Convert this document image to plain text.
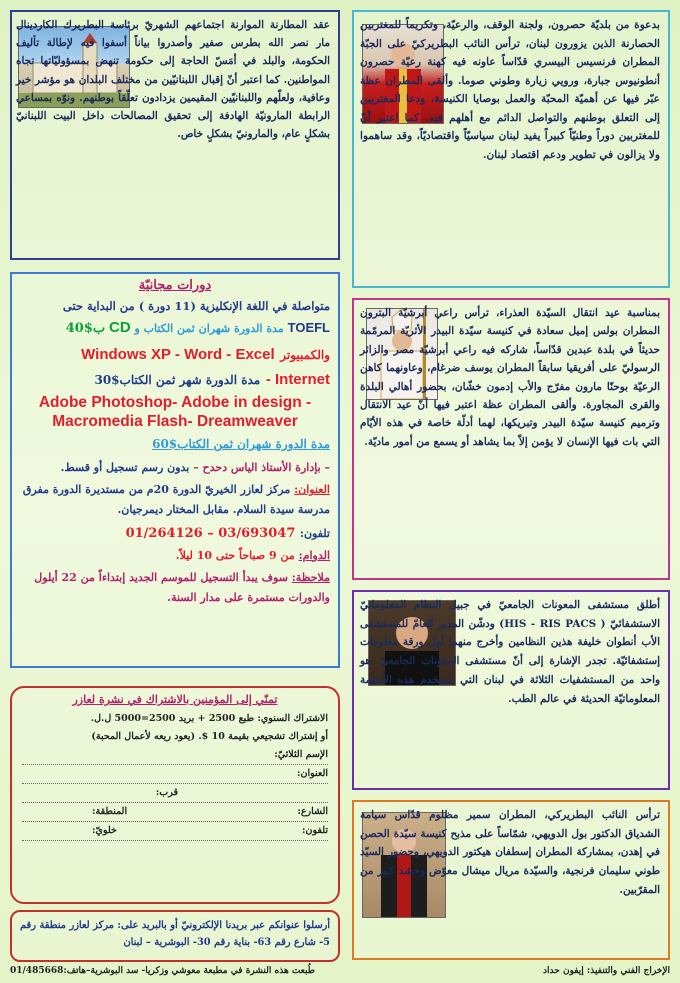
بدعوة من بلديّة حصرون، ولجنة الوقف، والرعيّة، وتكريماً للمغتربين الحصارنة الذين يزورون لبنان، ترأس النائب البطريركيّ على الجبّة المطران فرنسيس البيسري قدّاساً عاونه فيه كهنة رعيّة حصرون أنطونيوس جبارة، ورويي زيارة وطوني صوما. وألقى المطران عظة عبّر فيها عن أهميّة المحبّة والعمل بوصايا الكنيسة، ودعا المغتربين إلى التعلق بوطنهم والتواصل الدائم مع أهلهم فيه. كما اعتبر أنّ للمغتربين دوراً وطنيّاً كبيراً يفيد لبنان سياسيّاً واقتصاديّاً، وقد ساهموا ولا يزالون في تطوير ودعم اقتصاد لبنان.
عقد المطارنة الموارنة اجتماعهم الشهريّ برئاسة البطريرك الكاردينال مار نصر الله بطرس صفير وأصدروا بياناً أسفوا فيه لإطالة تأليف الحكومة، والبلد في أمَسّ الحاجة إلى حكومة تنهض بمسؤوليّاتها تجاه المواطنين. كما اعتبر أنّ إقبال اللبنانيّين من مختلف البلدان هو مؤشر خير وعافية، ولعلّهم واللبنانيّين المقيمين يزدادون تعلّقاً بوطنهم. ونوّه بمساعي الرابطة المارونيّة الهادفة إلى تحقيق المصالحات داخل البيت اللبنانيّ بشكلٍ عام، والمارونيّ بشكلٍ خاص.
دورات مجانيّة
متواصلة في اللغة الإنكليزية (11 دورة ) من البداية حتى
TOEFL مدة الدورة شهران ثمن الكتاب و CD ب$40
والكمبيوتر Windows XP - Word - Excel
Internet - مدة الدورة شهر ثمن الكتاب$30
Adobe Photoshop- Adobe in design - Macromedia Flash- Dreamweaver
مدة الدورة شهران ثمن الكتاب$60
– بإدارة الأستاذ الياس دحدح – بدون رسم تسجيل أو قسط.
العنوان: مركز لعازر الخيريّ الدورة 20م من مستديرة الدورة مفرق مدرسة سيدة السلام. مقابل المختار ديمرجيان.
تلفون: 01/264126 – 03/693047
الدوام: من 9 صباحاً حتى 10 ليلاً.
ملاحظة: سوف يبدأ التسجيل للموسم الجديد إبتداءاً من 22 أيلول والدورات مستمرة على مدار السنة.
تمنّي إلى المؤمنين بالاشتراك في نشرة لعازر
الاشتراك السنوي: طبع 2500 + بريد 2500=5000 ل.ل.
أو إشتراك تشجيعي بقيمة 10 $. (يعود ريعه لأعمال المحبة)
الإسم الثلاثيّ:
العنوان:
قرب:
الشارع:
المنطقة:
تلفون:
خلويّ:
أرسلوا عنوانكم عبر بريدنا الإلكترونيّ أو بالبريد على: مركز لعازر منطقة رقم 5- شارع رقم 63- بناية رقم 30- البوشرية – لبنان
بمناسبة عيد انتقال السيّدة العذراء، ترأس راعي أبرشيّة البترون المطران بولس إميل سعادة في كنيسة سيّدة البيدر الأثريّة المرمّمة حديثاً في بلدة عبدين قدّاساً، شاركه فيه راعي أبرشيّة مصر والزائر الرسوليّ على أفريقيا سابقاً المطران يوسف ضرغام، وعاونهما كاهن الرعيّة بوحنّا مارون مفرّج والأب إدمون خشّان، بحضور أهالي البلدة والقرى المجاورة. وألقى المطران عظة اعتبر فيها أنّ عيد الانتقال وترميم كنيسة سيّدة البيدر وتبريكها، لهما أدلّة خاصة في هذه الأيّام التي بات فيها الإنسان لا يؤمن إلاّ بما يشاهد أو يسمع من أمور ماديّة.
أطلق مستشفى المعونات الجامعيّ في جبيل النظام المعلوماتيّ الاستشفائيّ ( HIS - RIS PACS) ودشّن المدير العامّ للمستشفى الأب أنطوان خليفة هذين النظامين وأخرج منهما أول ورقة معلومات إستشفائيّة. تجدر الإشارة إلى أنّ مستشفى المعونات الجامعيّ، هو واحد من المستشفيات الثلاثة في لبنان التي تستخدم هذه الأنظمة المعلوماتيّة الحديثة في عالم الطب.
ترأس النائب البطريركي، المطران سمير مظلوم قدّاس سيامة الشدياق الدكتور بول الدويهي، شمّاساً على مذبح كنيسة سيّدة الحصن في إهدن، بمشاركة المطران إسطفان هيكتور الدويهي، وحضور السيّد طوني سليمان فرنجية، والسيّدة مريال ميشال معوّض وحشد كبير من المقرّبين.
الإخراج الفني والتنفيذ: إيفون حداد
طُبعت هذه النشرة في مطبعة معوشي وزكريا- سد البوشرية–هاتف:01/485668
